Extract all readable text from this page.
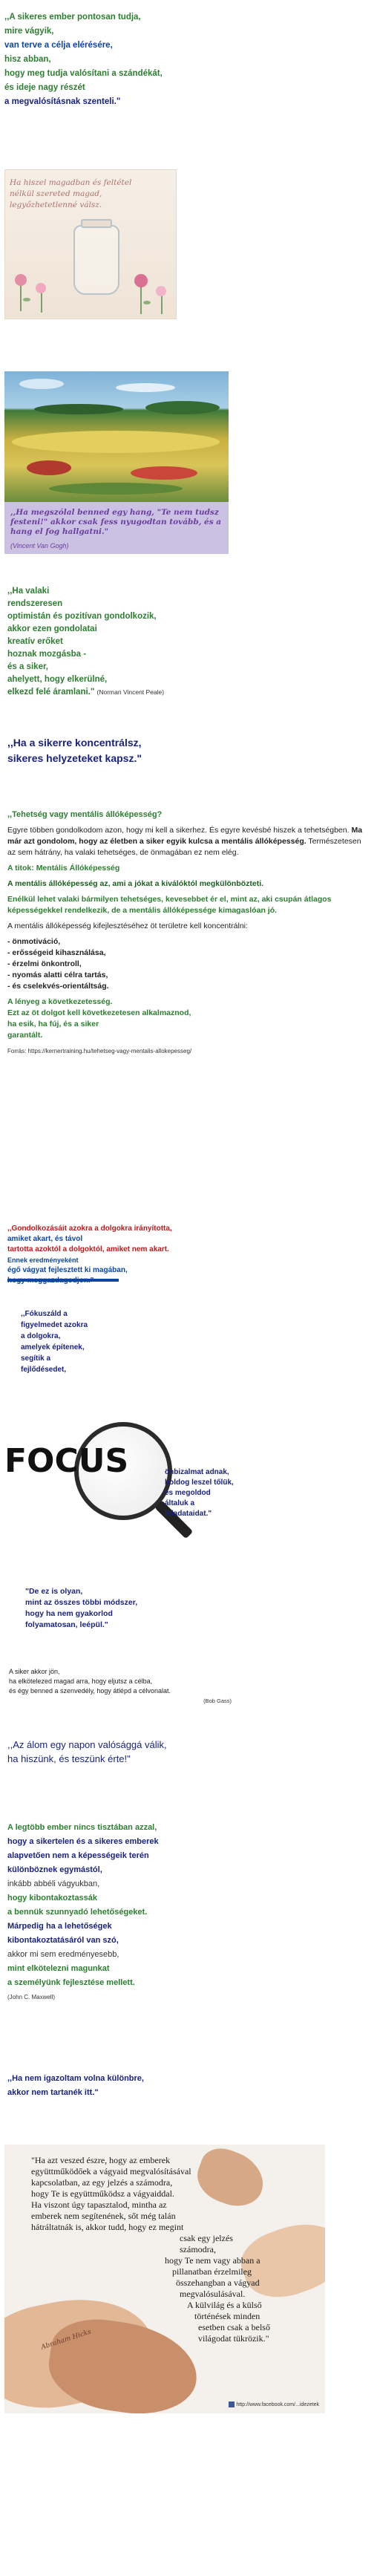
,,A sikeres ember pontosan tudja,
mire vágyik,
van terve a célja elérésére,
hisz abban,
hogy meg tudja valósítani a szándékát,
és ideje nagy részét
a megvalósításnak szenteli."
Ha hiszel magadban és feltétel nélkül szereted magad, legyőzhetetlenné válsz.
,,Ha megszólal benned egy hang, "Te nem tudsz festeni!" akkor csak fess nyugodtan tovább, és a hang el fog hallgatni."
(Vincent Van Gogh)
,,Ha valaki
rendszeresen
optimistán és pozitívan gondolkozik,
akkor ezen gondolatai
kreatív erőket
hoznak mozgásba -
és a siker,
ahelyett, hogy elkerülné,
elkezd felé áramlani." (Norman Vincent Peale)
,,Ha a sikerre koncentrálsz,
sikeres helyzeteket kapsz."

,,Tehetség vagy mentális állóképesség?

Egyre többen gondolkodom azon, hogy mi kell a sikerhez. És egyre kevésbé hiszek a tehetségben. Ma már azt gondolom, hogy az életben a siker egyik kulcsa a mentális állóképesség. Természetesen az sem hátrány, ha valaki tehetséges, de önmagában ez nem elég.

A titok: Mentális Állóképesség

A mentális állóképesség az, ami a jókat a kiválóktól megkülönbözteti.

Enélkül lehet valaki bármilyen tehetséges, kevesebbet ér el, mint az, aki csupán átlagos képességekkel rendelkezik, de a mentális állóképessége kimagaslóan jó.

A mentális állóképesség kifejlesztéséhez öt területre kell koncentrálni:

- önmotiváció,
- erősségeid kihasználása,
- érzelmi önkontroll,
- nyomás alatti célra tartás,
- és cselekvés-orientáltság.
A lényeg a következetesség.
Ezt az öt dolgot kell következetesen alkalmaznod,
ha esik, ha fúj, és a siker
garantált.
Forrás: https://kernertraining.hu/tehetseg-vagy-mentalis-allokepesseg/
,,Gondolkozásáit azokra a dolgokra irányította,
amiket akart, és távol
tartotta azoktól a dolgoktól, amiket nem akart.
Ennek eredményeként
égő vágyat fejlesztett ki magában,
,,Fókuszáld a
figyelmedet azokra
a dolgokra,
amelyek építenek,
segítik a
fejlődésedet,
FOCUS	önbizalmat adnak,
boldog leszel tőlük,
és megoldod
általuk a
feladataidat."
"De ez is olyan,
mint az összes többi módszer,
hogy ha nem gyakorlod
folyamatosan, leépül."
A siker akkor jön,
ha elkötelezed magad arra, hogy eljutsz a célba,
és égy benned a szenvedély, hogy átlépd a célvonalat.
(Bob Gass)
,,Az álom egy napon valósággá válik,
ha hiszünk, és teszünk érte!"
A legtöbb ember nincs tisztában azzal,
hogy a sikertelen és a sikeres emberek
alapvetően nem a képességeik terén
különböznek egymástól,
inkább abbéli vágyukban,
hogy kibontakoztassák
a bennük szunnyadó lehetőségeket.
Márpedig ha a lehetőségek
kibontakoztatásáról van szó,
akkor mi sem eredményesebb,
mint elkötelezni magunkat
a személyünk fejlesztése mellett.
(John C. Maxwell)
,,Ha nem igazoltam volna különbre,
akkor nem tartanék itt."
"Ha azt veszed észre, hogy az emberek
együttműködőek a vágyaid megvalósításával
kapcsolatban, az egy jelzés a számodra,
hogy Te is együttműködsz a vágyaiddal.
Ha viszont úgy tapasztalod, mintha az
emberek nem segítenének, sőt még talán
hátráltatnák is, akkor tudd, hogy ez megint
csak egy jelzés
számodra,
hogy Te nem vagy abban a
pillanatban érzelmileg
összehangban a vágyad
megvalósulásával.
A külvilág és a külső
történések minden
esetben csak a belső
világodat tükrözik."
Abraham Hicks
http://www.facebook.com/...idezetek
